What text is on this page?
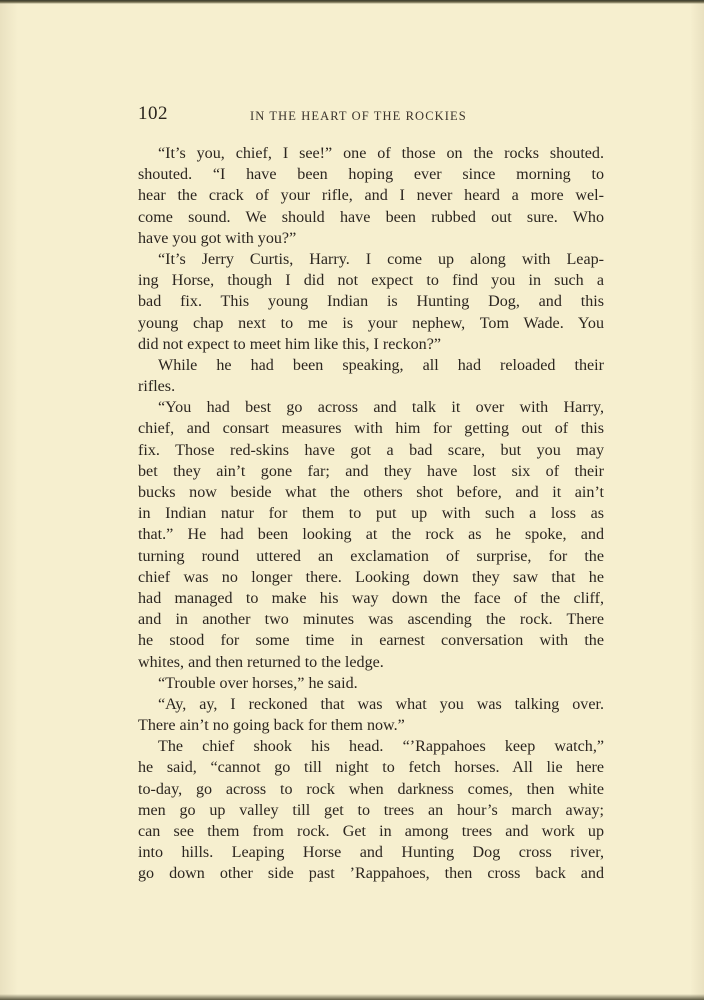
102	IN THE HEART OF THE ROCKIES
“It’s you, chief, I see!” one of those on the rocks shouted.
shouted. “I have been hoping ever since morning to
hear the crack of your rifle, and I never heard a more wel-
come sound. We should have been rubbed out sure. Who
have you got with you?”
“It’s Jerry Curtis, Harry. I come up along with Leap-
ing Horse, though I did not expect to find you in such a
bad fix. This young Indian is Hunting Dog, and this
young chap next to me is your nephew, Tom Wade. You
did not expect to meet him like this, I reckon?”
While he had been speaking, all had reloaded their
rifles.
“You had best go across and talk it over with Harry,
chief, and consart measures with him for getting out of this
fix. Those red-skins have got a bad scare, but you may
bet they ain’t gone far; and they have lost six of their
bucks now beside what the others shot before, and it ain’t
in Indian natur for them to put up with such a loss as
that.” He had been looking at the rock as he spoke, and
turning round uttered an exclamation of surprise, for the
chief was no longer there. Looking down they saw that he
had managed to make his way down the face of the cliff,
and in another two minutes was ascending the rock. There
he stood for some time in earnest conversation with the
whites, and then returned to the ledge.
“Trouble over horses,” he said.
“Ay, ay, I reckoned that was what you was talking over.
There ain’t no going back for them now.”
The chief shook his head. “’Rappahoes keep watch,”
he said, “cannot go till night to fetch horses. All lie here
to-day, go across to rock when darkness comes, then white
men go up valley till get to trees an hour’s march away;
can see them from rock. Get in among trees and work up
into hills. Leaping Horse and Hunting Dog cross river,
go down other side past ’Rappahoes, then cross back and
